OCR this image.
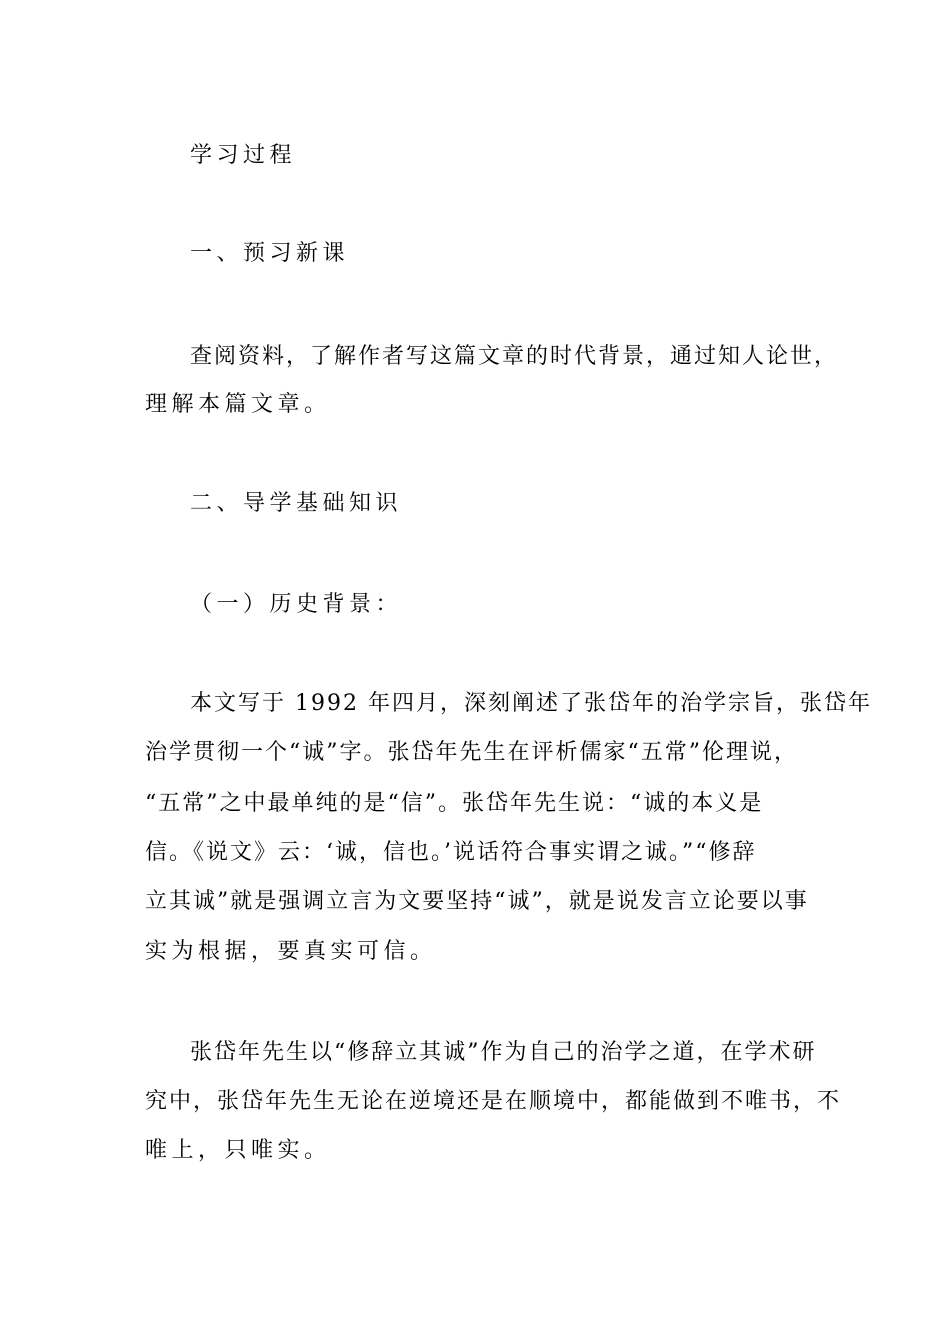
学习过程

一、预习新课

查阅资料，了解作者写这篇文章的时代背景，通过知人论世，

理解本篇文章。

二、导学基础知识

（一）历史背景：

本文写于 1992 年四月，深刻阐述了张岱年的治学宗旨，张岱年

治学贯彻一个“诚”字。张岱年先生在评析儒家“五常”伦理说，

“五常”之中最单纯的是“信”。张岱年先生说：“诚的本义是

信。《说文》云：‘诚，信也。’说话符合事实谓之诚。”“修辞

立其诚”就是强调立言为文要坚持“诚”，就是说发言立论要以事

实为根据，要真实可信。

张岱年先生以“修辞立其诚”作为自己的治学之道，在学术研

究中，张岱年先生无论在逆境还是在顺境中，都能做到不唯书，不

唯上，只唯实。
